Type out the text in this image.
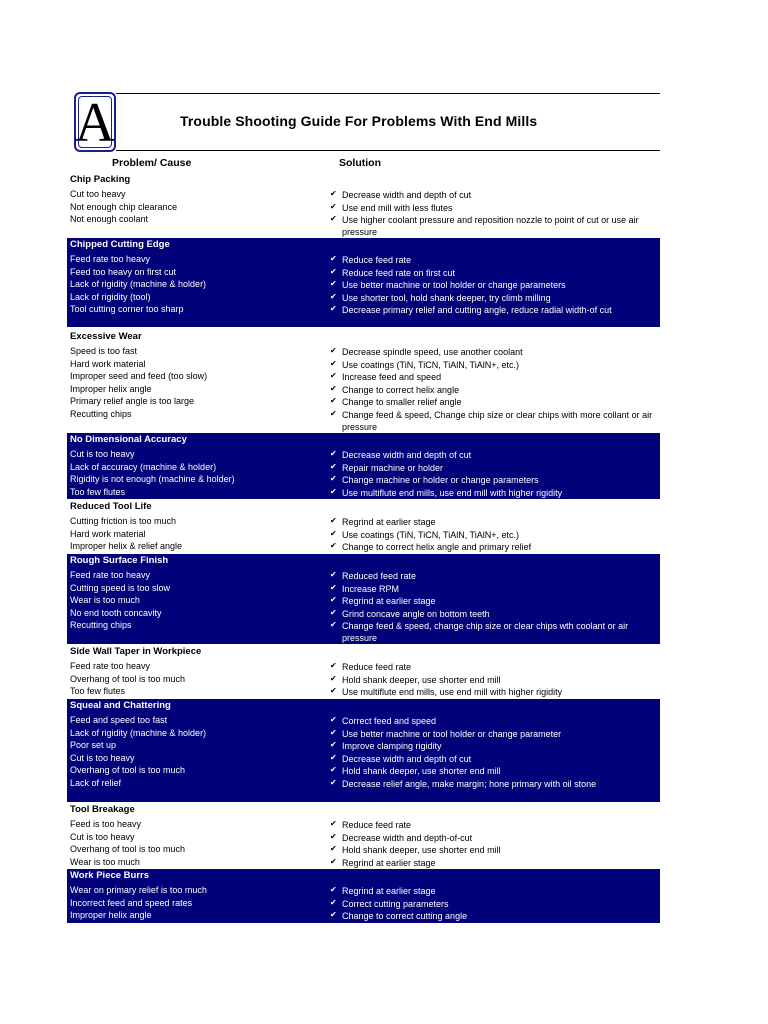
A	Trouble Shooting Guide For Problems With End Mills
Problem/ Cause	Solution
Chip Packing
Cut too heavy	✔ Decrease width and depth of cut
Not enough chip clearance	✔ Use end mill with less flutes
Not enough coolant	✔ Use higher coolant pressure and reposition nozzle to point of cut or use air
pressure
Chipped Cutting Edge
Feed rate too heavy	✔ Reduce feed rate
Feed too heavy on first cut	✔ Reduce feed rate on first cut
Lack of rigidity (machine & holder)	✔ Use better machine or tool holder or change parameters
Lack of rigidity (tool)	✔ Use shorter tool, hold shank deeper, try climb milling
Tool cutting corner too sharp	✔ Decrease primary relief and cutting angle, reduce radial width-of cut
Excessive Wear
Speed is too fast	✔ Decrease spindle speed, use another coolant
Hard work material	✔ Use coatings (TiN, TiCN, TiAlN, TiAlN+, etc.)
Improper seed and feed (too slow)	✔ Increase feed and speed
Improper helix angle	✔ Change to correct helix angle
Primary relief angle is too large	✔ Change to smaller relief angle
Recutting chips	✔ Change feed & speed, Change chip size or clear chips with more collant or air
pressure
No Dimensional Accuracy
Cut is too heavy	✔ Decrease width and depth of cut
Lack of accuracy (machine & holder)	✔ Repair machine or holder
Rigidity is not enough (machine & holder)	✔ Change machine or holder or change parameters
Too few flutes	✔ Use multiflute end mills, use end mill with higher rigidity
Reduced Tool Life
Cutting friction is too much	✔ Regrind at earlier stage
Hard work material	✔ Use coatings (TiN, TiCN, TiAlN, TiAlN+, etc.)
Improper helix & relief angle	✔ Change to correct helix angle and primary relief
Rough Surface Finish
Feed rate too heavy	✔ Reduced feed rate
Cutting speed is too slow	✔ Increase RPM
Wear is too much	✔ Regrind at earlier stage
No end tooth concavity	✔ Grind concave angle on bottom teeth
Recutting chips	✔ Change feed & speed, change chip size or clear chips wth coolant or air
pressure
Side Wall Taper in Workpiece
Feed rate too heavy	✔ Reduce feed rate
Overhang of tool is too much	✔ Hold shank deeper, use shorter end mill
Too few flutes	✔ Use multiflute end mills, use end mill with higher rigidity
Squeal and Chattering
Feed and speed too fast	✔ Correct feed and speed
Lack of rigidity (machine & holder)	✔ Use better machine or tool holder or change parameter
Poor set up	✔ Improve clamping rigidity
Cut is too heavy	✔ Decrease width and depth of cut
Overhang of tool is too much	✔ Hold shank deeper, use shorter end mill
Lack of relief	✔ Decrease relief angle, make margin; hone primary with oil stone
Tool Breakage
Feed is too heavy	✔ Reduce feed rate
Cut is too heavy	✔ Decrease width and depth-of-cut
Overhang of tool is too much	✔ Hold shank deeper, use shorter end mill
Wear is too much	✔ Regrind at earlier stage
Work Piece Burrs
Wear on primary relief is too much	✔ Regrind at earlier stage
Incorrect feed and speed rates	✔ Correct cutting parameters
Improper helix angle	✔ Change to correct cutting angle
